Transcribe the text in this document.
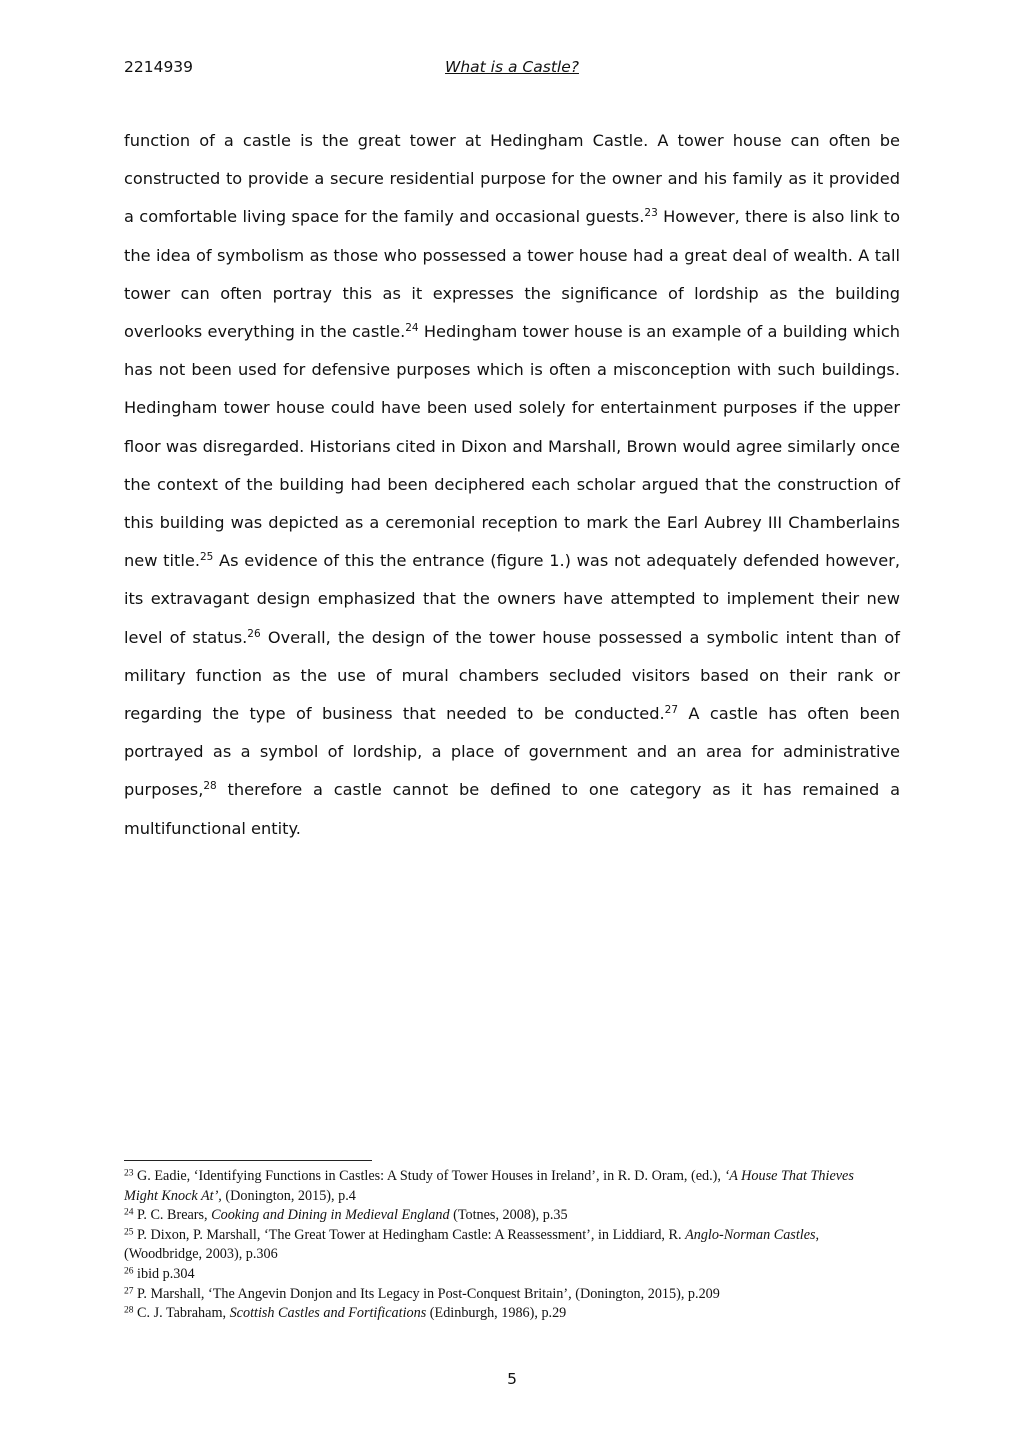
2214939	What is a Castle?

function of a castle is the great tower at Hedingham Castle. A tower house can often be constructed to provide a secure residential purpose for the owner and his family as it provided a comfortable living space for the family and occasional guests.$^{23}$ However, there is also link to the idea of symbolism as those who possessed a tower house had a great deal of wealth. A tall tower can often portray this as it expresses the significance of lordship as the building overlooks everything in the castle.$^{24}$ Hedingham tower house is an example of a building which has not been used for defensive purposes which is often a misconception with such buildings. Hedingham tower house could have been used solely for entertainment purposes if the upper floor was disregarded. Historians cited in Dixon and Marshall, Brown would agree similarly once the context of the building had been deciphered each scholar argued that the construction of this building was depicted as a ceremonial reception to mark the Earl Aubrey III Chamberlains new title.$^{25}$ As evidence of this the entrance (figure 1.) was not adequately defended however, its extravagant design emphasized that the owners have attempted to implement their new level of status.$^{26}$ Overall, the design of the tower house possessed a symbolic intent than of military function as the use of mural chambers secluded visitors based on their rank or regarding the type of business that needed to be conducted.$^{27}$ A castle has often been portrayed as a symbol of lordship, a place of government and an area for administrative purposes,$^{28}$ therefore a castle cannot be defined to one category as it has remained a multifunctional entity.

$^{23}$ G. Eadie, ‘Identifying Functions in Castles: A Study of Tower Houses in Ireland’, in R. D. Oram, (ed.), ‘A House That Thieves Might Knock At’, (Donington, 2015), p.4

$^{24}$ P. C. Brears, Cooking and Dining in Medieval England (Totnes, 2008), p.35

$^{25}$ P. Dixon, P. Marshall, ‘The Great Tower at Hedingham Castle: A Reassessment’, in Liddiard, R. Anglo-Norman Castles, (Woodbridge, 2003), p.306

$^{26}$ ibid p.304

$^{27}$ P. Marshall, ‘The Angevin Donjon and Its Legacy in Post-Conquest Britain’, (Donington, 2015), p.209

$^{28}$ C. J. Tabraham, Scottish Castles and Fortifications (Edinburgh, 1986), p.29

5
